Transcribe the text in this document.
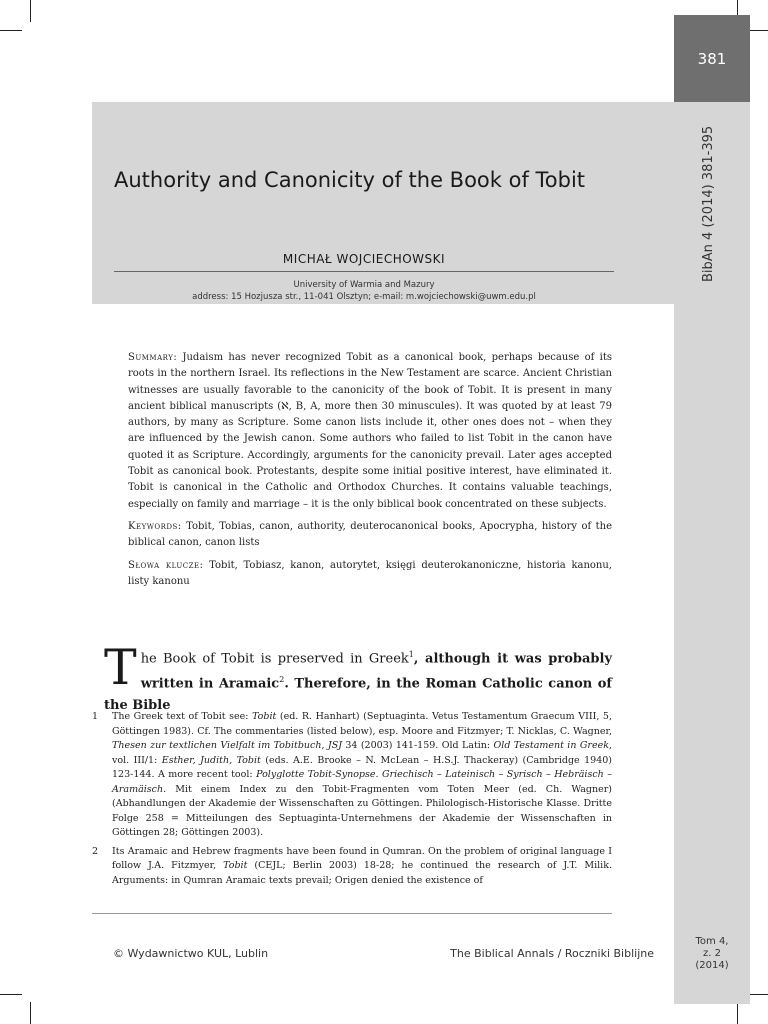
381
BibAn 4 (2014) 381-395
Tom 4,
z. 2
(2014)
Authority and Canonicity of the Book of Tobit
MICHAŁ WOJCIECHOWSKI
University of Warmia and Mazury
address: 15 Hozjusza str., 11-041 Olsztyn; e-mail: m.wojciechowski@uwm.edu.pl

Summary: Judaism has never recognized Tobit as a canonical book, perhaps because of its roots in the northern Israel. Its reflections in the New Testament are scarce. Ancient Christian witnesses are usually favorable to the canonicity of the book of Tobit. It is present in many ancient biblical manuscripts (ℵ, B, A, more then 30 minuscules). It was quoted by at least 79 authors, by many as Scripture. Some canon lists include it, other ones does not – when they are influenced by the Jewish canon. Some authors who failed to list Tobit in the canon have quoted it as Scripture. Accordingly, arguments for the canonicity prevail. Later ages accepted Tobit as canonical book. Protestants, despite some initial positive interest, have eliminated it. Tobit is canonical in the Catholic and Orthodox Churches. It contains valuable teachings, especially on family and marriage – it is the only biblical book concentrated on these subjects.

Keywords: Tobit, Tobias, canon, authority, deuterocanonical books, Apocrypha, history of the biblical canon, canon lists

Słowa klucze: Tobit, Tobiasz, kanon, autorytet, księgi deuterokanoniczne, historia kanonu, listy kanonu

The Book of Tobit is preserved in Greek$^1$, although it was probably written in Aramaic$^2$. Therefore, in the Roman Catholic canon of the Bible
1	The Greek text of Tobit see: Tobit (ed. R. Hanhart) (Septuaginta. Vetus Testamentum Graecum VIII, 5, Göttingen 1983). Cf. The commentaries (listed below), esp. Moore and Fitzmyer; T. Nicklas, C. Wagner, Thesen zur textlichen Vielfalt im Tobitbuch, JSJ 34 (2003) 141-159. Old Latin: Old Testament in Greek, vol. III/1: Esther, Judith, Tobit (eds. A.E. Brooke – N. McLean – H.S.J. Thackeray) (Cambridge 1940) 123-144. A more recent tool: Polyglotte Tobit-Synopse. Griechisch – Lateinisch – Syrisch – Hebräisch – Aramäisch. Mit einem Index zu den Tobit-Fragmenten vom Toten Meer (ed. Ch. Wagner) (Abhandlungen der Akademie der Wissenschaften zu Göttingen. Philologisch-Historische Klasse. Dritte Folge 258 = Mitteilungen des Septuaginta-Unternehmens der Akademie der Wissenschaften in Göttingen 28; Göttingen 2003).
2	Its Aramaic and Hebrew fragments have been found in Qumran. On the problem of original language I follow J.A. Fitzmyer, Tobit (CEJL; Berlin 2003) 18-28; he continued the research of J.T. Milik. Arguments: in Qumran Aramaic texts prevail; Origen denied the existence of
© Wydawnictwo KUL, Lublin	The Biblical Annals / Roczniki Biblijne
